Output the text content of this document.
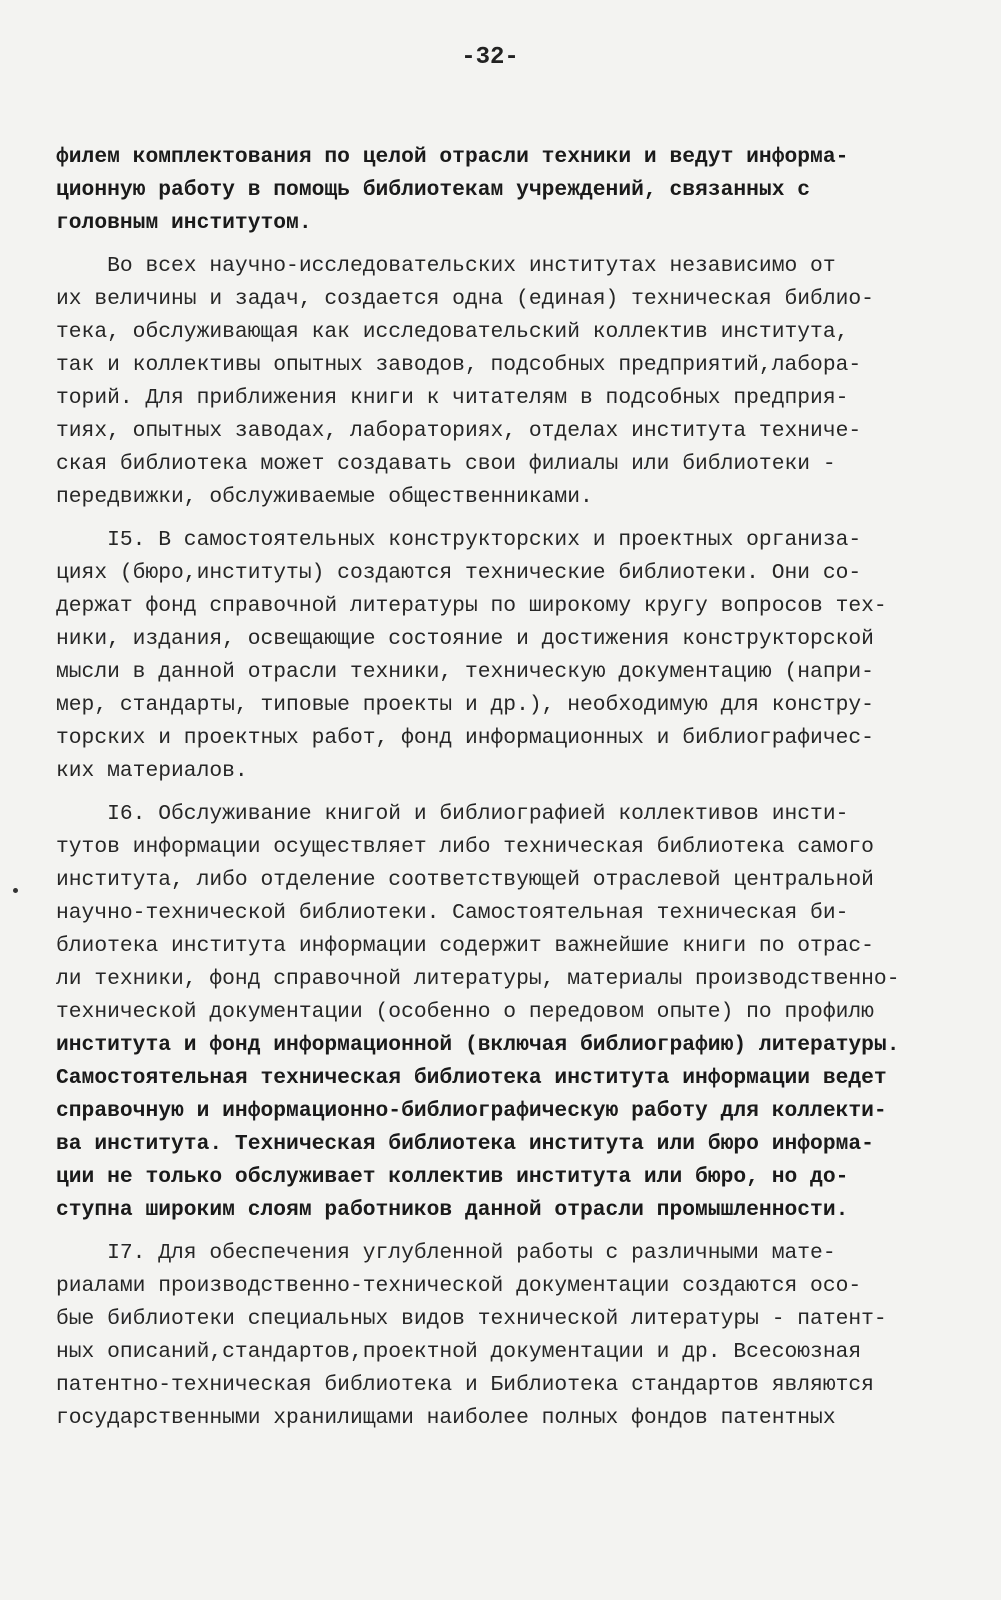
-32-
филем комплектования по целой отрасли техники и ведут информа-
ционную работу в помощь библиотекам учреждений, связанных с
головным институтом.
Во всех научно-исследовательских институтах независимо от
их величины и задач, создается одна (единая) техническая библио-
тека, обслуживающая как исследовательский коллектив института,
так и коллективы опытных заводов, подсобных предприятий,лабора-
торий. Для приближения книги к читателям в подсобных предприя-
тиях, опытных заводах, лабораториях, отделах института техниче-
ская библиотека может создавать свои филиалы или библиотеки -
передвижки, обслуживаемые общественниками.
I5. В самостоятельных конструкторских и проектных организа-
циях (бюро,институты) создаются технические библиотеки. Они со-
держат фонд справочной литературы по широкому кругу вопросов тех-
ники, издания, освещающие состояние и достижения конструкторской
мысли в данной отрасли техники, техническую документацию (напри-
мер, стандарты, типовые проекты и др.), необходимую для констру-
торских и проектных работ, фонд информационных и библиографичес-
ких материалов.
I6. Обслуживание книгой и библиографией коллективов инсти-
тутов информации осуществляет либо техническая библиотека самого
института, либо отделение соответствующей отраслевой центральной
научно-технической библиотеки. Самостоятельная техническая би-
блиотека института информации содержит важнейшие книги по отрас-
ли техники, фонд справочной литературы, материалы производственно-
технической документации (особенно о передовом опыте) по профилю
института и фонд информационной (включая библиографию) литературы.
Самостоятельная техническая библиотека института информации ведет
справочную и информационно-библиографическую работу для коллекти-
ва института. Техническая библиотека института или бюро информа-
ции не только обслуживает коллектив института или бюро, но до-
ступна широким слоям работников данной отрасли промышленности.
I7. Для обеспечения углубленной работы с различными мате-
риалами производственно-технической документации создаются осо-
бые библиотеки специальных видов технической литературы - патент-
ных описаний,стандартов,проектной документации и др. Всесоюзная
патентно-техническая библиотека и Библиотека стандартов являются
государственными хранилищами наиболее полных фондов патентных
